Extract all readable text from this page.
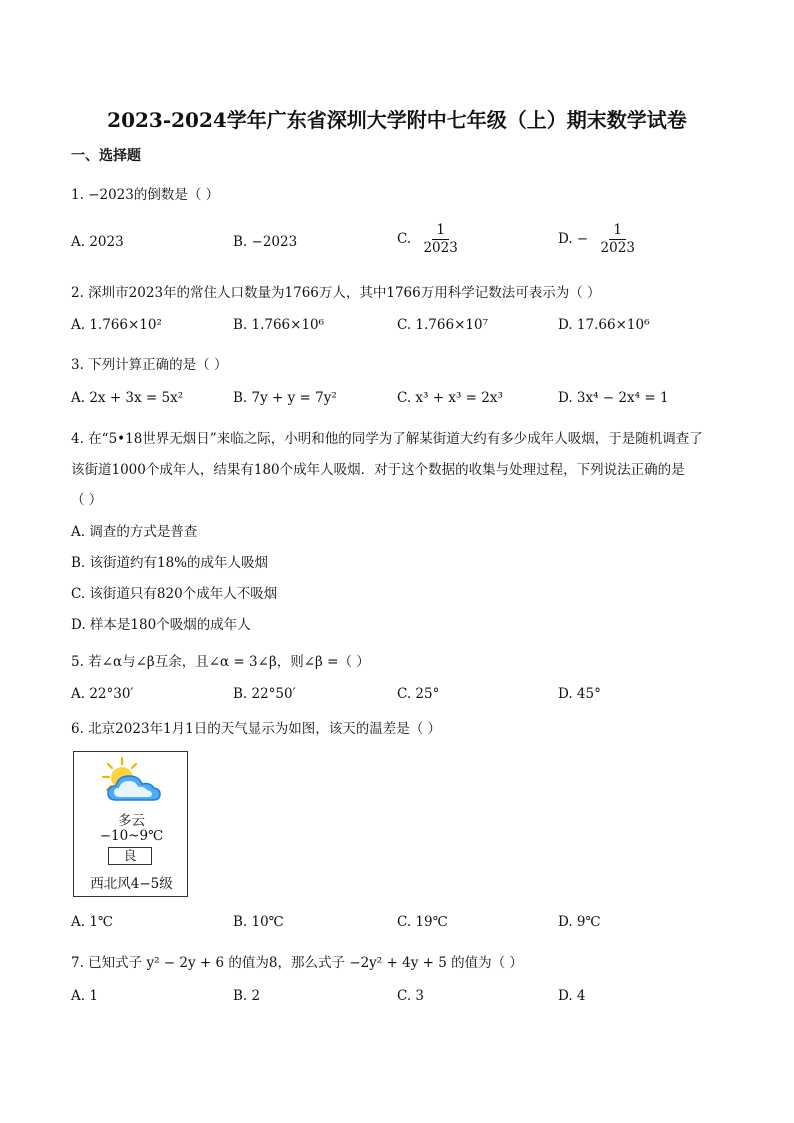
2023-2024学年广东省深圳大学附中七年级（上）期末数学试卷
一、选择题
1. −2023的倒数是（ ）
A. 2023	B. −2023	C. $\frac{1}{2023}$	D. − $\frac{1}{2023}$
2. 深圳市2023年的常住人口数量为1766万人，其中1766万用科学记数法可表示为（ ）
A. 1.766×10²	B. 1.766×10⁶	C. 1.766×10⁷	D. 17.66×10⁶
3. 下列计算正确的是（ ）
A. 2x + 3x = 5x²	B. 7y + y = 7y²	C. x³ + x³ = 2x³	D. 3x⁴ − 2x⁴ = 1
4. 在“5•18世界无烟日”来临之际，小明和他的同学为了解某街道大约有多少成年人吸烟，于是随机调查了
该街道1000个成年人，结果有180个成年人吸烟．对于这个数据的收集与处理过程，下列说法正确的是
（ ）
A. 调查的方式是普查
B. 该街道约有18%的成年人吸烟
C. 该街道只有820个成年人不吸烟
D. 样本是180个吸烟的成年人
5. 若∠α与∠β互余，且∠α = 3∠β，则∠β =（ ）
A. 22°30′	B. 22°50′	C. 25°	D. 45°
6. 北京2023年1月1日的天气显示为如图，该天的温差是（ ）
多云
−10~9℃
良
西北风4−5级
A. 1℃	B. 10℃	C. 19℃	D. 9℃
7. 已知式子 y² − 2y + 6 的值为8，那么式子 −2y² + 4y + 5 的值为（ ）
A. 1	B. 2	C. 3	D. 4
